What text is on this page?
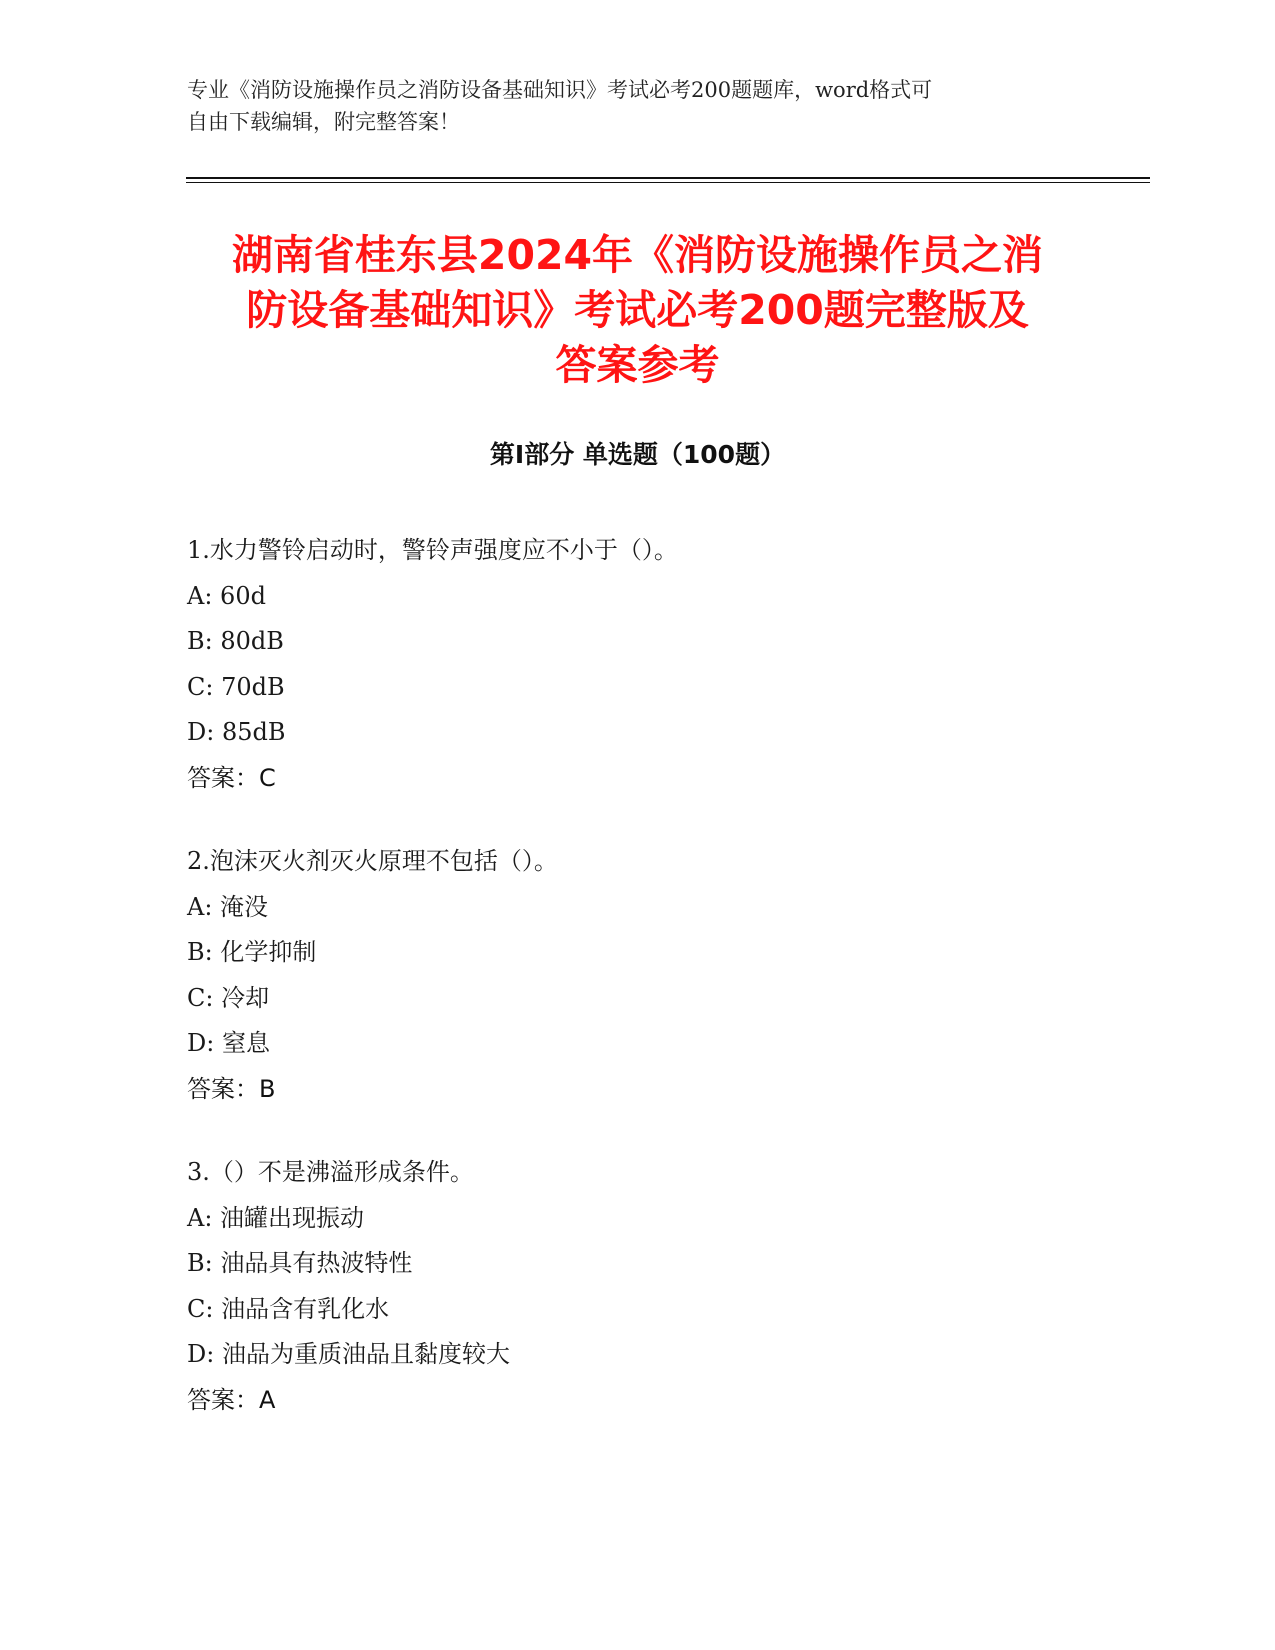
专业《消防设施操作员之消防设备基础知识》考试必考200题题库，word格式可
自由下载编辑，附完整答案！
湖南省桂东县2024年《消防设施操作员之消
防设备基础知识》考试必考200题完整版及
答案参考
第Ⅰ部分 单选题（100题）
1.水力警铃启动时，警铃声强度应不小于（）。
A: 60d
B: 80dB
C: 70dB
D: 85dB
答案：C
2.泡沫灭火剂灭火原理不包括（）。
A: 淹没
B: 化学抑制
C: 冷却
D: 窒息
答案：B
3.（）不是沸溢形成条件。
A: 油罐出现振动
B: 油品具有热波特性
C: 油品含有乳化水
D: 油品为重质油品且黏度较大
答案：A
